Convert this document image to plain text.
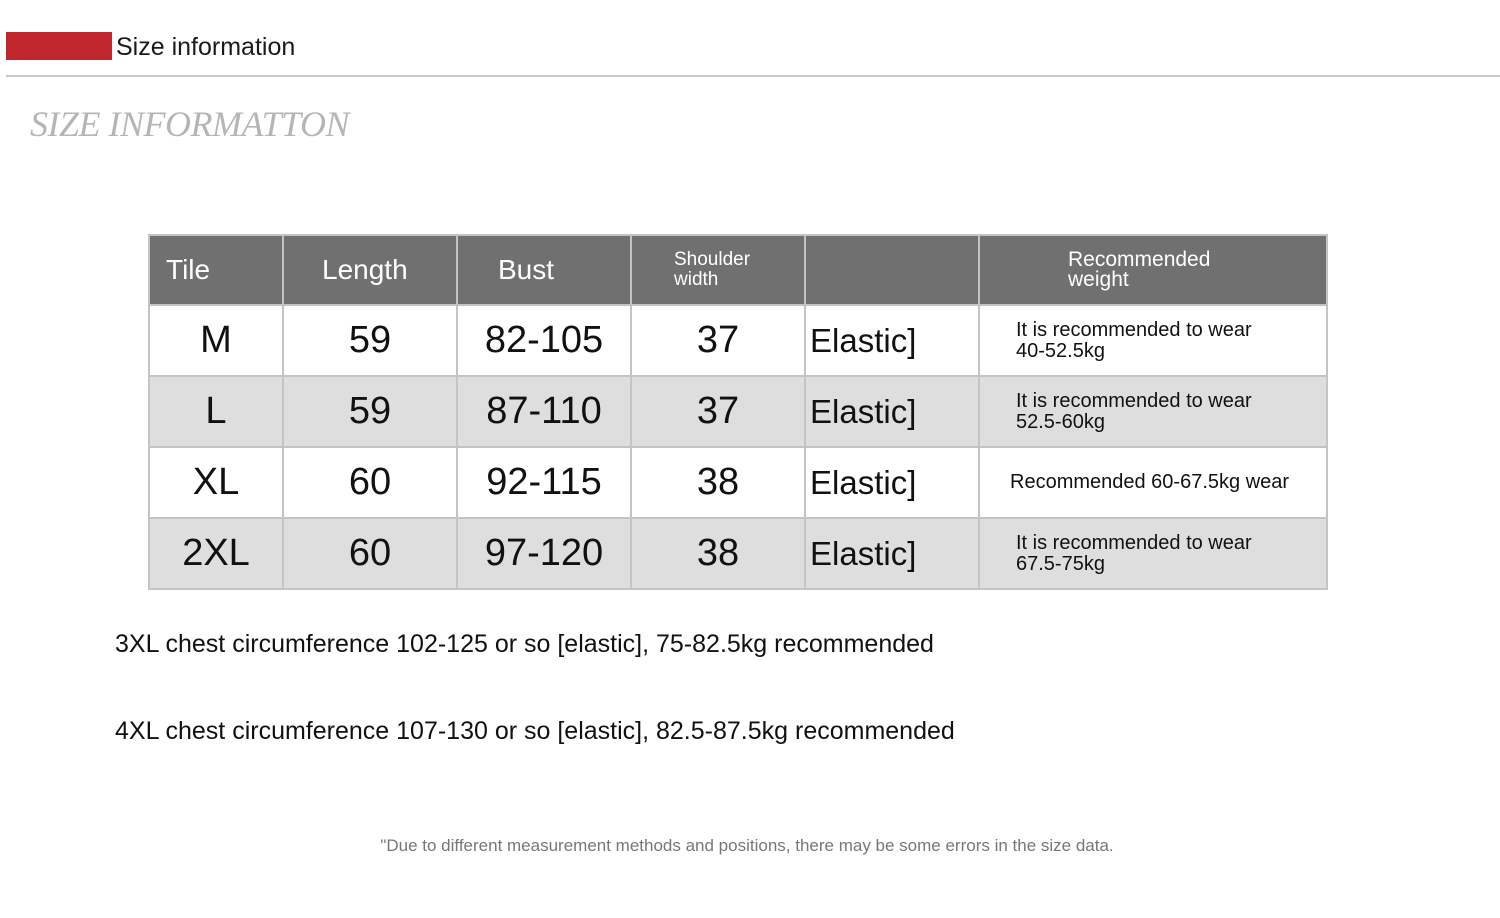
Size information
SIZE INFORMATTON
Tile	Length	Bust	Shoulder width		Recommended weight

M	59	82-105	37	Elastic]	It is recommended to wear 40-52.5kg

L	59	87-110	37	Elastic]	It is recommended to wear 52.5-60kg

XL	60	92-115	38	Elastic]	Recommended 60-67.5kg wear
2XL	60	97-120	38	Elastic]	It is recommended to wear 67.5-75kg
3XL chest circumference 102-125 or so [elastic], 75-82.5kg recommended
4XL chest circumference 107-130 or so [elastic], 82.5-87.5kg recommended
"Due to different measurement methods and positions, there may be some errors in the size data.
